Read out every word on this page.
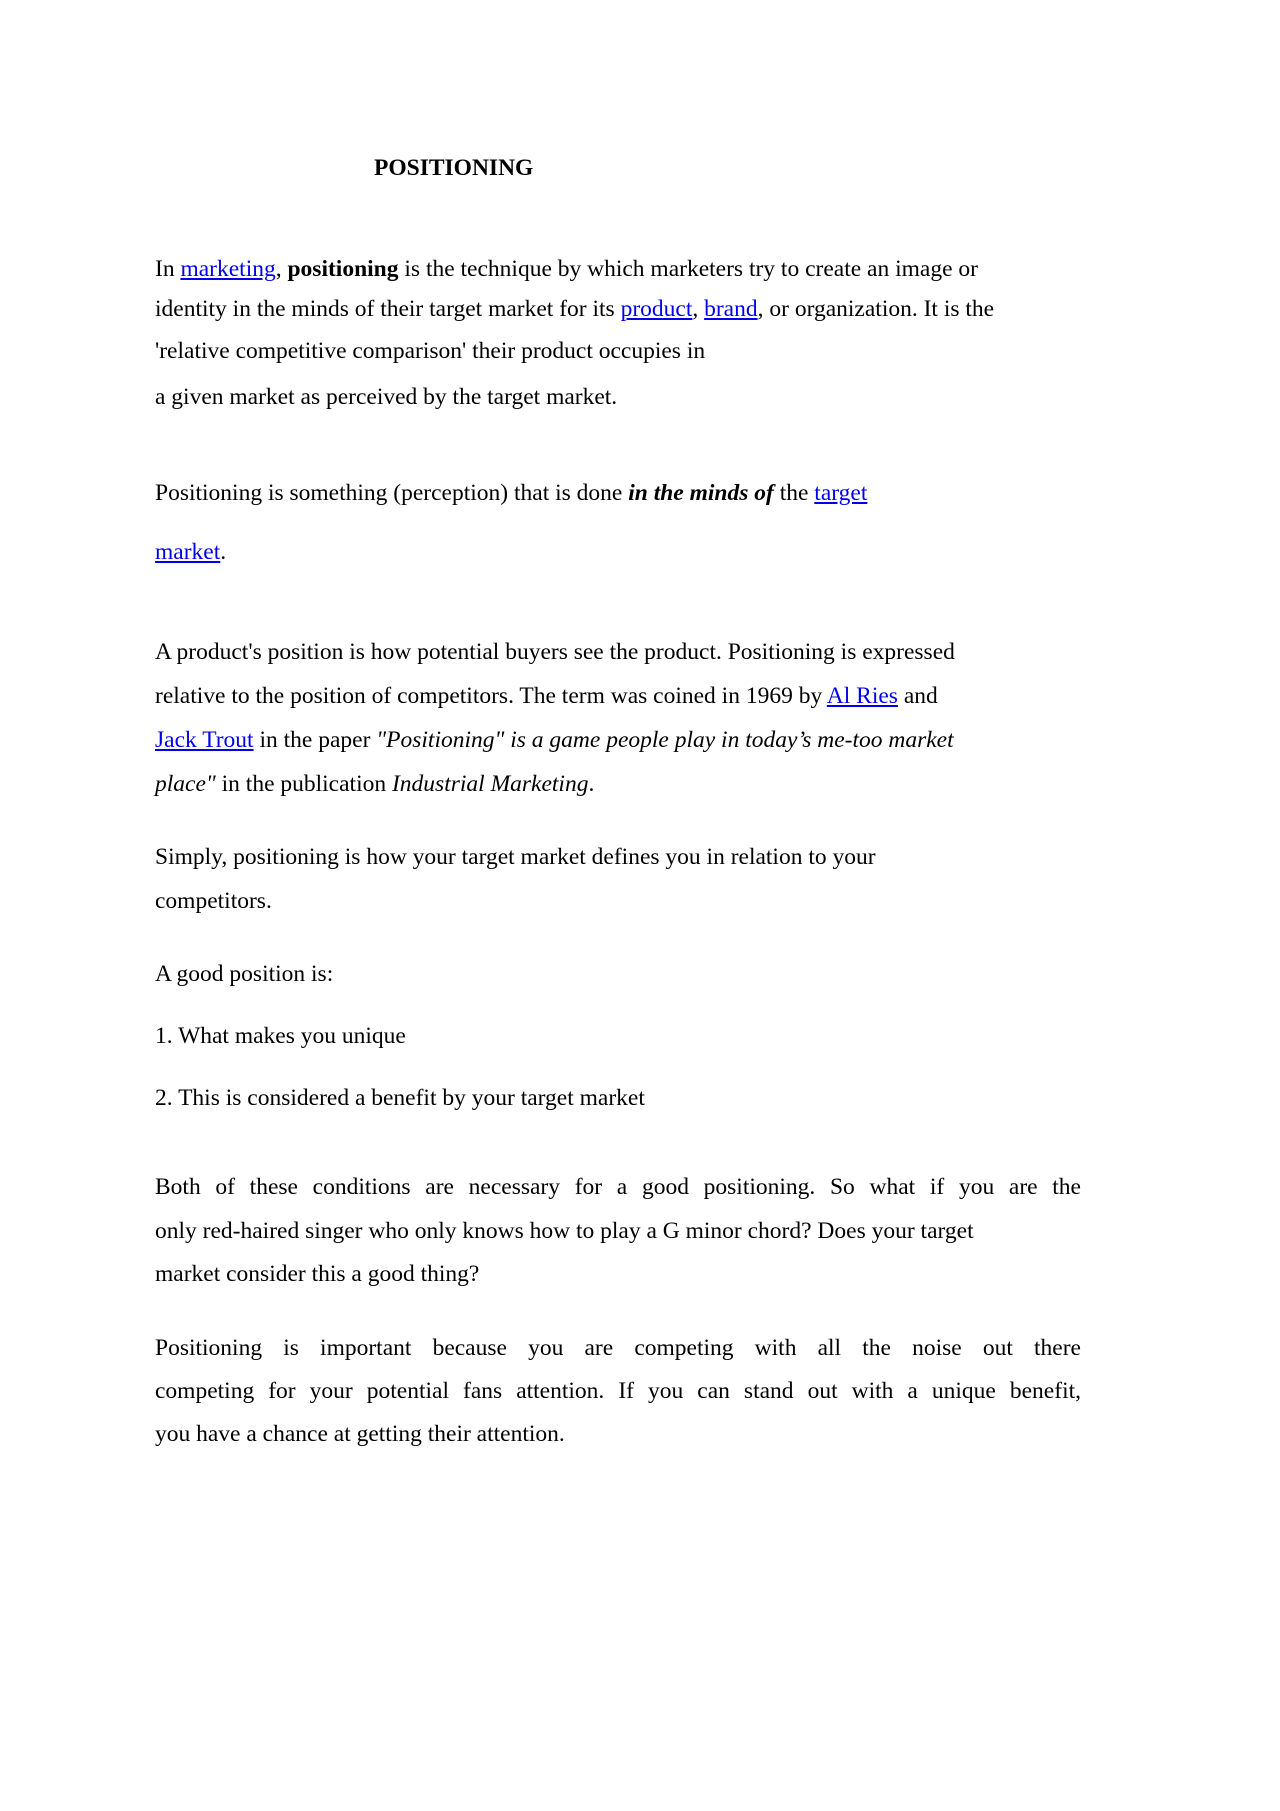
POSITIONING
In marketing, positioning is the technique by which marketers try to create an image or
identity in the minds of their target market for its product, brand, or organization. It is the
'relative competitive comparison' their product occupies in
a given market as perceived by the target market.
Positioning is something (perception) that is done in the minds of the target
market.
A product's position is how potential buyers see the product. Positioning is expressed
relative to the position of competitors. The term was coined in 1969 by Al Ries and
Jack Trout in the paper "Positioning" is a game people play in today’s me-too market
place" in the publication Industrial Marketing.
Simply, positioning is how your target market defines you in relation to your
competitors.
A good position is:
1. What makes you unique
2. This is considered a benefit by your target market
Both of these conditions are necessary for a good positioning. So what if you are the
only red-haired singer who only knows how to play a G minor chord? Does your target
market consider this a good thing?
Positioning is important because you are competing with all the noise out there
competing for your potential fans attention. If you can stand out with a unique benefit,
you have a chance at getting their attention.
